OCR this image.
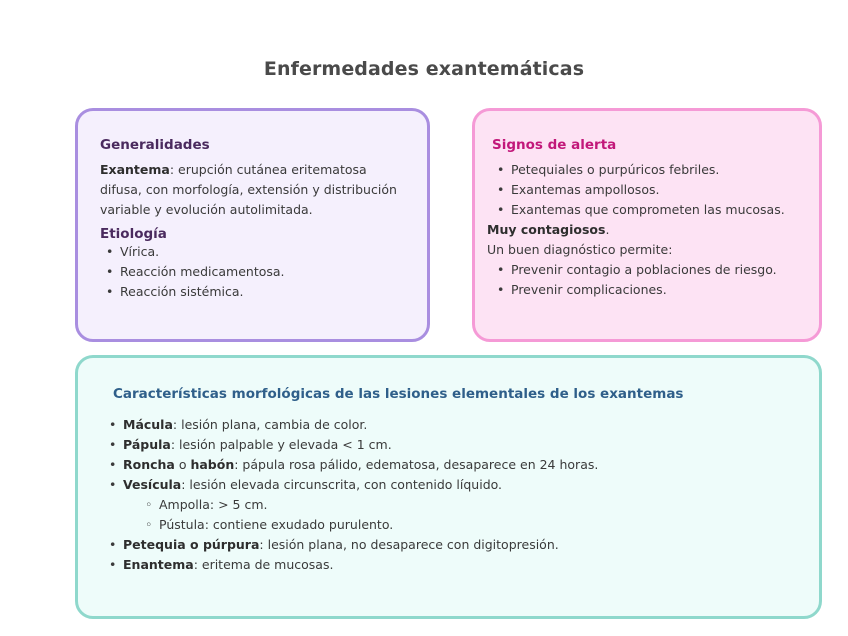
Enfermedades exantemáticas
Generalidades

Exantema: erupción cutánea eritematosa difusa, con morfología, extensión y distribución variable y evolución autolimitada.

Etiología
• Vírica.
• Reacción medicamentosa.
• Reacción sistémica.
Signos de alerta
• Petequiales o purpúricos febriles.
• Exantemas ampollosos.
• Exantemas que comprometen las mucosas.

Muy contagiosos.

Un buen diagnóstico permite:

• Prevenir contagio a poblaciones de riesgo.
• Prevenir complicaciones.
Características morfológicas de las lesiones elementales de los exantemas
• Mácula: lesión plana, cambia de color.
• Pápula: lesión palpable y elevada < 1 cm.
• Roncha o habón: pápula rosa pálido, edematosa, desaparece en 24 horas.
• Vesícula: lesión elevada circunscrita, con contenido líquido.
◦ Ampolla: > 5 cm.
◦ Pústula: contiene exudado purulento.
• Petequia o púrpura: lesión plana, no desaparece con digitopresión.
• Enantema: eritema de mucosas.
